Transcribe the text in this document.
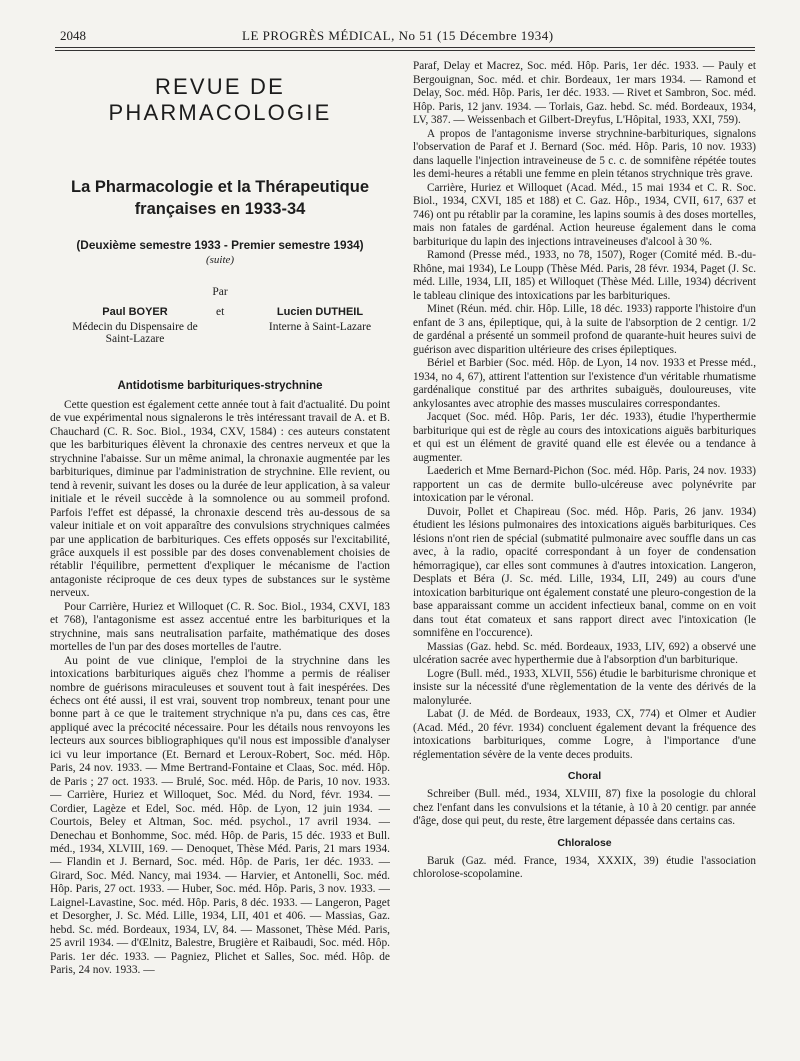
2048	LE PROGRÈS MÉDICAL, No 51 (15 Décembre 1934)
REVUE DE PHARMACOLOGIE
La Pharmacologie et la Thérapeutique françaises en 1933-34
(Deuxième semestre 1933 - Premier semestre 1934)
(suite)
Par
Paul BOYER
Médecin du Dispensaire de Saint-Lazare
et	Lucien DUTHEIL
Interne à Saint-Lazare
Antidotisme barbituriques-strychnine

Cette question est également cette année tout à fait d'actualité. Du point de vue expérimental nous signalerons le très intéressant travail de A. et B. Chauchard (C. R. Soc. Biol., 1934, CXV, 1584) : ces auteurs constatent que les barbituriques élèvent la chronaxie des centres nerveux et que la strychnine l'abaisse. Sur un même animal, la chronaxie augmentée par les barbituriques, diminue par l'administration de strychnine. Elle revient, ou tend à revenir, suivant les doses ou la durée de leur application, à sa valeur initiale et le réveil succède à la somnolence ou au sommeil profond. Parfois l'effet est dépassé, la chronaxie descend très au-dessous de sa valeur initiale et on voit apparaître des convulsions strychniques calmées par une application de barbituriques. Ces effets opposés sur l'excitabilité, grâce auxquels il est possible par des doses convenablement choisies de rétablir l'équilibre, permettent d'expliquer le mécanisme de l'action antagoniste réciproque de ces deux types de substances sur le système nerveux.

Pour Carrière, Huriez et Willoquet (C. R. Soc. Biol., 1934, CXVI, 183 et 768), l'antagonisme est assez accentué entre les barbituriques et la strychnine, mais sans neutralisation parfaite, mathématique des doses mortelles de l'un par des doses mortelles de l'autre.

Au point de vue clinique, l'emploi de la strychnine dans les intoxications barbituriques aiguës chez l'homme a permis de réaliser nombre de guérisons miraculeuses et souvent tout à fait inespérées. Des échecs ont été aussi, il est vrai, souvent trop nombreux, tenant pour une bonne part à ce que le traitement strychnique n'a pu, dans ces cas, être appliqué avec la précocité nécessaire. Pour les détails nous renvoyons les lecteurs aux sources bibliographiques qu'il nous est impossible d'analyser ici vu leur importance (Et. Bernard et Leroux-Robert, Soc. méd. Hôp. Paris, 24 nov. 1933. — Mme Bertrand-Fontaine et Claas, Soc. méd. Hôp. de Paris ; 27 oct. 1933. — Brulé, Soc. méd. Hôp. de Paris, 10 nov. 1933. — Carrière, Huriez et Willoquet, Soc. Méd. du Nord, févr. 1934. — Cordier, Lagèze et Edel, Soc. méd. Hôp. de Lyon, 12 juin 1934. — Courtois, Beley et Altman, Soc. méd. psychol., 17 avril 1934. — Denechau et Bonhomme, Soc. méd. Hôp. de Paris, 15 déc. 1933 et Bull. méd., 1934, XLVIII, 169. — Denoquet, Thèse Méd. Paris, 21 mars 1934. — Flandin et J. Bernard, Soc. méd. Hôp. de Paris, 1er déc. 1933. — Girard, Soc. Méd. Nancy, mai 1934. — Harvier, et Antonelli, Soc. méd. Hôp. Paris, 27 oct. 1933. — Huber, Soc. méd. Hôp. Paris, 3 nov. 1933. — Laignel-Lavastine, Soc. méd. Hôp. Paris, 8 déc. 1933. — Langeron, Paget et Desorgher, J. Sc. Méd. Lille, 1934, LII, 401 et 406. — Massias, Gaz. hebd. Sc. méd. Bordeaux, 1934, LV, 84. — Massonet, Thèse Méd. Paris, 25 avril 1934. — d'Œlnitz, Balestre, Brugière et Raibaudi, Soc. méd. Hôp. Paris. 1er déc. 1933. — Pagniez, Plichet et Salles, Soc. méd. Hôp. de Paris, 24 nov. 1933. —

Paraf, Delay et Macrez, Soc. méd. Hôp. Paris, 1er déc. 1933. — Pauly et Bergouignan, Soc. méd. et chir. Bordeaux, 1er mars 1934. — Ramond et Delay, Soc. méd. Hôp. Paris, 1er déc. 1933. — Rivet et Sambron, Soc. méd. Hôp. Paris, 12 janv. 1934. — Torlais, Gaz. hebd. Sc. méd. Bordeaux, 1934, LV, 387. — Weissenbach et Gilbert-Dreyfus, L'Hôpital, 1933, XXI, 759).

A propos de l'antagonisme inverse strychnine-barbituriques, signalons l'observation de Paraf et J. Bernard (Soc. méd. Hôp. Paris, 10 nov. 1933) dans laquelle l'injection intraveineuse de 5 c. c. de somnifène répétée toutes les demi-heures a rétabli une femme en plein tétanos strychnique très grave.

Carrière, Huriez et Willoquet (Acad. Méd., 15 mai 1934 et C. R. Soc. Biol., 1934, CXVI, 185 et 188) et C. Gaz. Hôp., 1934, CVII, 617, 637 et 746) ont pu rétablir par la coramine, les lapins soumis à des doses mortelles, mais non fatales de gardénal. Action heureuse également dans le coma barbiturique du lapin des injections intraveineuses d'alcool à 30 %.

Ramond (Presse méd., 1933, no 78, 1507), Roger (Comité méd. B.-du-Rhône, mai 1934), Le Loupp (Thèse Méd. Paris, 28 févr. 1934, Paget (J. Sc. méd. Lille, 1934, LII, 185) et Willoquet (Thèse Méd. Lille, 1934) décrivent le tableau clinique des intoxications par les barbituriques.

Minet (Réun. méd. chir. Hôp. Lille, 18 déc. 1933) rapporte l'histoire d'un enfant de 3 ans, épileptique, qui, à la suite de l'absorption de 2 centigr. 1/2 de gardénal a présenté un sommeil profond de quarante-huit heures suivi de guérison avec disparition ultérieure des crises épileptiques.

Bériel et Barbier (Soc. méd. Hôp. de Lyon, 14 nov. 1933 et Presse méd., 1934, no 4, 67), attirent l'attention sur l'existence d'un véritable rhumatisme gardénalique constitué par des arthrites subaiguës, douloureuses, vite ankylosantes avec atrophie des masses musculaires correspondantes.

Jacquet (Soc. méd. Hôp. Paris, 1er déc. 1933), étudie l'hyperthermie barbiturique qui est de règle au cours des intoxications aiguës barbituriques et qui est un élément de gravité quand elle est élevée ou a tendance à augmenter.

Laederich et Mme Bernard-Pichon (Soc. méd. Hôp. Paris, 24 nov. 1933) rapportent un cas de dermite bullo-ulcéreuse avec polynévrite par intoxication par le véronal.

Duvoir, Pollet et Chapireau (Soc. méd. Hôp. Paris, 26 janv. 1934) étudient les lésions pulmonaires des intoxications aiguës barbituriques. Ces lésions n'ont rien de spécial (submatité pulmonaire avec souffle dans un cas avec, à la radio, opacité correspondant à un foyer de condensation hémorragique), car elles sont communes à d'autres intoxication. Langeron, Desplats et Béra (J. Sc. méd. Lille, 1934, LII, 249) au cours d'une intoxication barbiturique ont également constaté une pleuro-congestion de la base apparaissant comme un accident infectieux banal, comme on en voit dans tout état comateux et sans rapport direct avec l'intoxication (le somnifène en l'occurence).

Massias (Gaz. hebd. Sc. méd. Bordeaux, 1933, LIV, 692) a observé une ulcération sacrée avec hyperthermie due à l'absorption d'un barbiturique.

Logre (Bull. méd., 1933, XLVII, 556) étudie le barbiturisme chronique et insiste sur la nécessité d'une règlementation de la vente des dérivés de la malonylurée.

Labat (J. de Méd. de Bordeaux, 1933, CX, 774) et Olmer et Audier (Acad. Méd., 20 févr. 1934) concluent également devant la fréquence des intoxications barbituriques, comme Logre, à l'importance d'une réglementation sévère de la vente deces produits.

Choral

Schreiber (Bull. méd., 1934, XLVIII, 87) fixe la posologie du chloral chez l'enfant dans les convulsions et la tétanie, à 10 à 20 centigr. par année d'âge, dose qui peut, du reste, être largement dépassée dans certains cas.

Chloralose

Baruk (Gaz. méd. France, 1934, XXXIX, 39) étudie l'association chlorolose-scopolamine.
